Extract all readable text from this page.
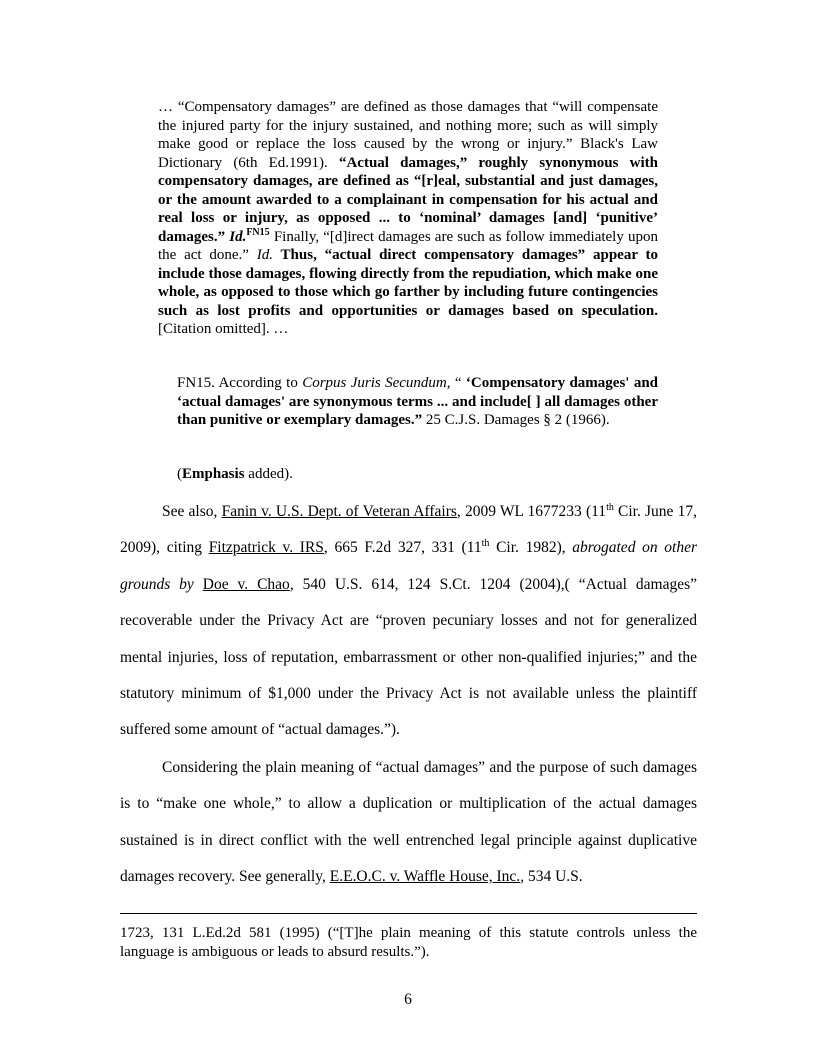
… “Compensatory damages” are defined as those damages that “will compensate the injured party for the injury sustained, and nothing more; such as will simply make good or replace the loss caused by the wrong or injury.” Black's Law Dictionary (6th Ed.1991). “Actual damages,” roughly synonymous with compensatory damages, are defined as “[r]eal, substantial and just damages, or the amount awarded to a complainant in compensation for his actual and real loss or injury, as opposed ... to ‘nominal’ damages [and] ‘punitive’ damages.” Id.$^{FN15}$ Finally, “[d]irect damages are such as follow immediately upon the act done.” Id. Thus, “actual direct compensatory damages” appear to include those damages, flowing directly from the repudiation, which make one whole, as opposed to those which go farther by including future contingencies such as lost profits and opportunities or damages based on speculation. [Citation omitted]. …

FN15. According to Corpus Juris Secundum, “ ‘Compensatory damages' and ‘actual damages' are synonymous terms ... and include[ ] all damages other than punitive or exemplary damages.” 25 C.J.S. Damages § 2 (1966).

(Emphasis added).

See also, Fanin v. U.S. Dept. of Veteran Affairs, 2009 WL 1677233 (11th Cir. June 17, 2009), citing Fitzpatrick v. IRS, 665 F.2d 327, 331 (11th Cir. 1982), abrogated on other grounds by Doe v. Chao, 540 U.S. 614, 124 S.Ct. 1204 (2004),( “Actual damages” recoverable under the Privacy Act are “proven pecuniary losses and not for generalized mental injuries, loss of reputation, embarrassment or other non-qualified injuries;” and the statutory minimum of $1,000 under the Privacy Act is not available unless the plaintiff suffered some amount of “actual damages.”).

Considering the plain meaning of “actual damages” and the purpose of such damages is to “make one whole,” to allow a duplication or multiplication of the actual damages sustained is in direct conflict with the well entrenched legal principle against duplicative damages recovery. See generally, E.E.O.C. v. Waffle House, Inc., 534 U.S.

1723, 131 L.Ed.2d 581 (1995) (“[T]he plain meaning of this statute controls unless the language is ambiguous or leads to absurd results.”).

6
